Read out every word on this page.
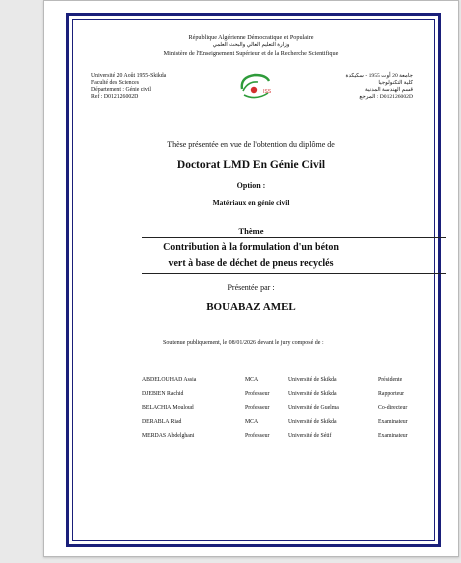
République Algérienne Démocratique et Populaire
وزارة التعليم العالي والبحث العلمي
Ministère de l'Enseignement Supérieur et de la Recherche Scientifique
Université 20 Août 1955-Skikda
Faculté des Sciences
Département : Génie civil
Ref : D012126002D
ISS
جامعة 20 أوت 1955 - سكيكدة
كلية التكنولوجيا
قسم الهندسة المدنية
D012126002D : المرجع
Thèse présentée en vue de l'obtention du diplôme de
Doctorat LMD En Génie Civil
Option :
Matériaux en génie civil
Thème
Contribution à la formulation d'un béton
vert à base de déchet de pneus recyclés
Présentée par :
BOUABAZ AMEL
Soutenue publiquement, le 08/01/2026 devant le jury composé de :
ABDELOUHAD Assia	MCA	Université de Skikda	Présidente
DJEBIEN Rachid	Professeur	Université de Skikda	Rapporteur
BELACHIA Mouloud	Professeur	Université de Guelma	Co-directeur
DERABLA Riad	MCA	Université de Skikda	Examinateur
MERDAS Abdelghani	Professeur	Université de Sétif	Examinateur
